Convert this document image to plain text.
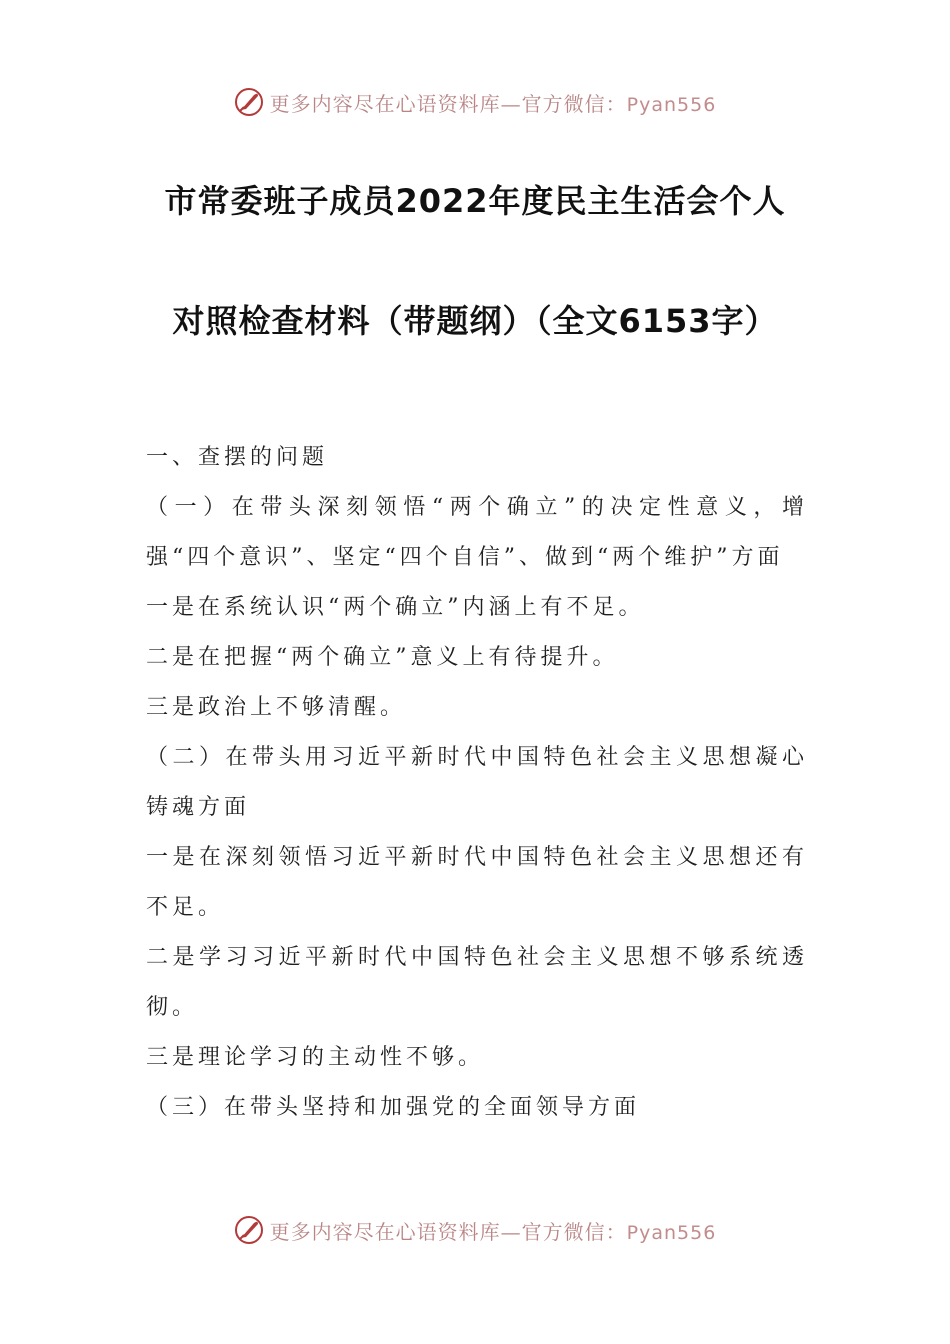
更多内容尽在心语资料库—官方微信：Pyan556
市常委班子成员2022年度民主生活会个人
对照检查材料（带题纲）（全文6153字）

一、查摆的问题

（一）在带头深刻领悟“两个确立”的决定性意义，增强“四个意识”、坚定“四个自信”、做到“两个维护”方面

一是在系统认识“两个确立”内涵上有不足。

二是在把握“两个确立”意义上有待提升。

三是政治上不够清醒。

（二）在带头用习近平新时代中国特色社会主义思想凝心铸魂方面

一是在深刻领悟习近平新时代中国特色社会主义思想还有不足。

二是学习习近平新时代中国特色社会主义思想不够系统透彻。

三是理论学习的主动性不够。

（三）在带头坚持和加强党的全面领导方面

更多内容尽在心语资料库—官方微信：Pyan556
